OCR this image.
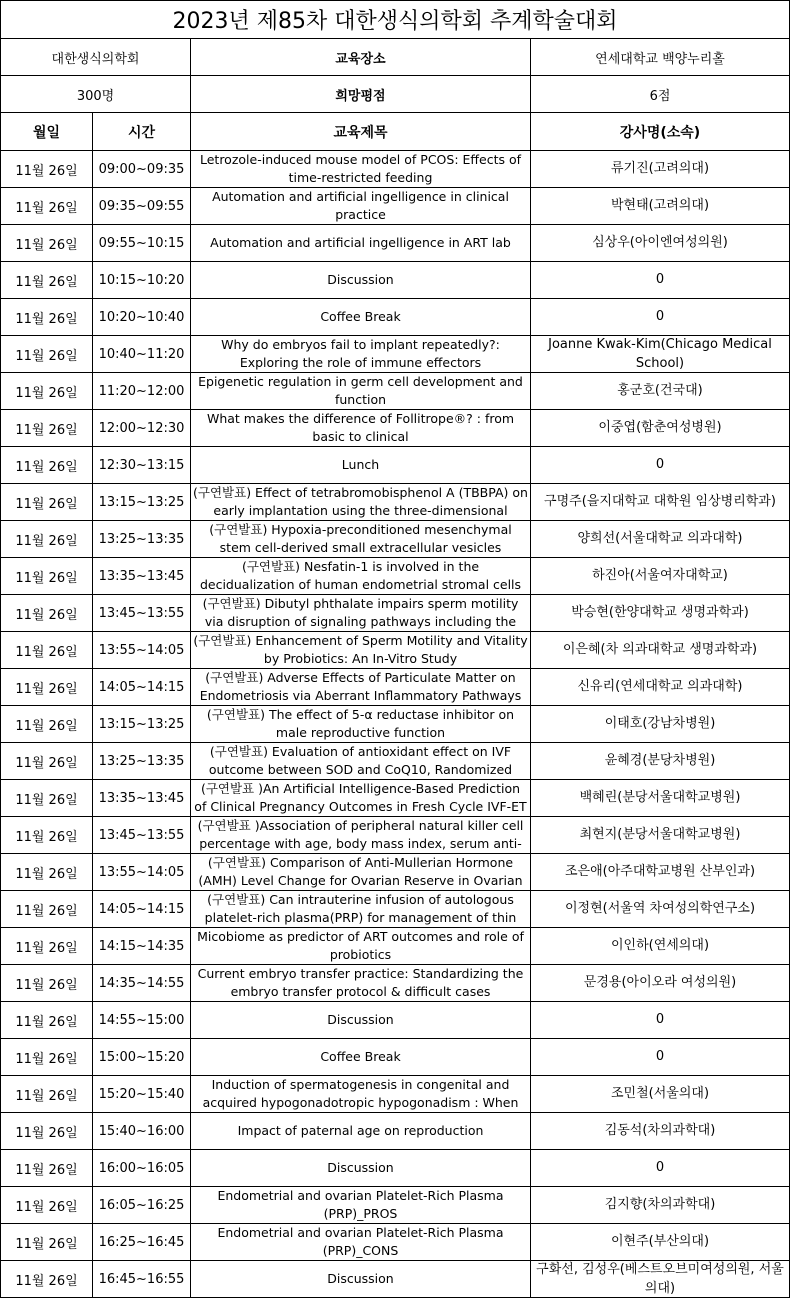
2023년 제85차 대한생식의학회 추계학술대회			
대한생식의학회		교육장소	연세대학교 백양누리홀
300명		희망평점	6점
월일	시간	교육제목	강사명(소속)
11월 26일	09:00~09:35	Letrozole-induced mouse model of PCOS: Effects of time-restricted feeding	류기진(고려의대)

11월 26일	09:35~09:55	Automation and artificial ingelligence in clinical practice	박현태(고려의대)

11월 26일	09:55~10:15	Automation and artificial ingelligence in ART lab	심상우(아이엔여성의원)

11월 26일	10:15~10:20	Discussion	0

11월 26일	10:20~10:40	Coffee Break	0

11월 26일	10:40~11:20	Why do embryos fail to implant repeatedly?: Exploring the role of immune effectors	Joanne Kwak-Kim(Chicago Medical School)

11월 26일	11:20~12:00	Epigenetic regulation in germ cell development and function	홍군호(건국대)

11월 26일	12:00~12:30	What makes the difference of Follitrope®? : from basic to clinical	이중엽(함춘여성병원)

11월 26일	12:30~13:15	Lunch	0

11월 26일	13:15~13:25	(구연발표) Effect of tetrabromobisphenol A (TBBPA) on early implantation using the three-dimensional	구명주(을지대학교 대학원 임상병리학과)

11월 26일	13:25~13:35	(구연발표) Hypoxia-preconditioned mesenchymal stem cell-derived small extracellular vesicles	양희선(서울대학교 의과대학)

11월 26일	13:35~13:45	(구연발표) Nesfatin-1 is involved in the decidualization of human endometrial stromal cells	하진아(서울여자대학교)

11월 26일	13:45~13:55	(구연발표) Dibutyl phthalate impairs sperm motility via disruption of signaling pathways including the	박승현(한양대학교 생명과학과)

11월 26일	13:55~14:05	(구연발표) Enhancement of Sperm Motility and Vitality by Probiotics: An In-Vitro Study	이은혜(차 의과대학교 생명과학과)

11월 26일	14:05~14:15	(구연발표) Adverse Effects of Particulate Matter on Endometriosis via Aberrant Inflammatory Pathways	신유리(연세대학교 의과대학)

11월 26일	13:15~13:25	(구연발표) The effect of 5-α reductase inhibitor on male reproductive function	이태호(강남차병원)

11월 26일	13:25~13:35	(구연발표) Evaluation of antioxidant effect on IVF outcome between SOD and CoQ10, Randomized	윤혜경(분당차병원)

11월 26일	13:35~13:45	(구연발표 )An Artificial Intelligence-Based Prediction of Clinical Pregnancy Outcomes in Fresh Cycle IVF-ET	백혜린(분당서울대학교병원)

11월 26일	13:45~13:55	(구연발표 )Association of peripheral natural killer cell percentage with age, body mass index, serum anti-	최현지(분당서울대학교병원)

11월 26일	13:55~14:05	(구연발표) Comparison of Anti-Mullerian Hormone (AMH) Level Change for Ovarian Reserve in Ovarian	조은애(아주대학교병원 산부인과)

11월 26일	14:05~14:15	(구연발표) Can intrauterine infusion of autologous platelet-rich plasma(PRP) for management of thin	이정현(서울역 차여성의학연구소)

11월 26일	14:15~14:35	Micobiome as predictor of ART outcomes and role of probiotics	이인하(연세의대)

11월 26일	14:35~14:55	Current embryo transfer practice: Standardizing the embryo transfer protocol & difficult cases	문경용(아이오라 여성의원)

11월 26일	14:55~15:00	Discussion	0

11월 26일	15:00~15:20	Coffee Break	0

11월 26일	15:20~15:40	Induction of spermatogenesis in congenital and acquired hypogonadotropic hypogonadism : When	조민철(서울의대)

11월 26일	15:40~16:00	Impact of paternal age on reproduction	김동석(차의과학대)

11월 26일	16:00~16:05	Discussion	0

11월 26일	16:05~16:25	Endometrial and ovarian Platelet-Rich Plasma (PRP)_PROS	김지향(차의과학대)

11월 26일	16:25~16:45	Endometrial and ovarian Platelet-Rich Plasma (PRP)_CONS	이현주(부산의대)

11월 26일	16:45~16:55	Discussion	구화선, 김성우(베스트오브미여성의원, 서울의대)
